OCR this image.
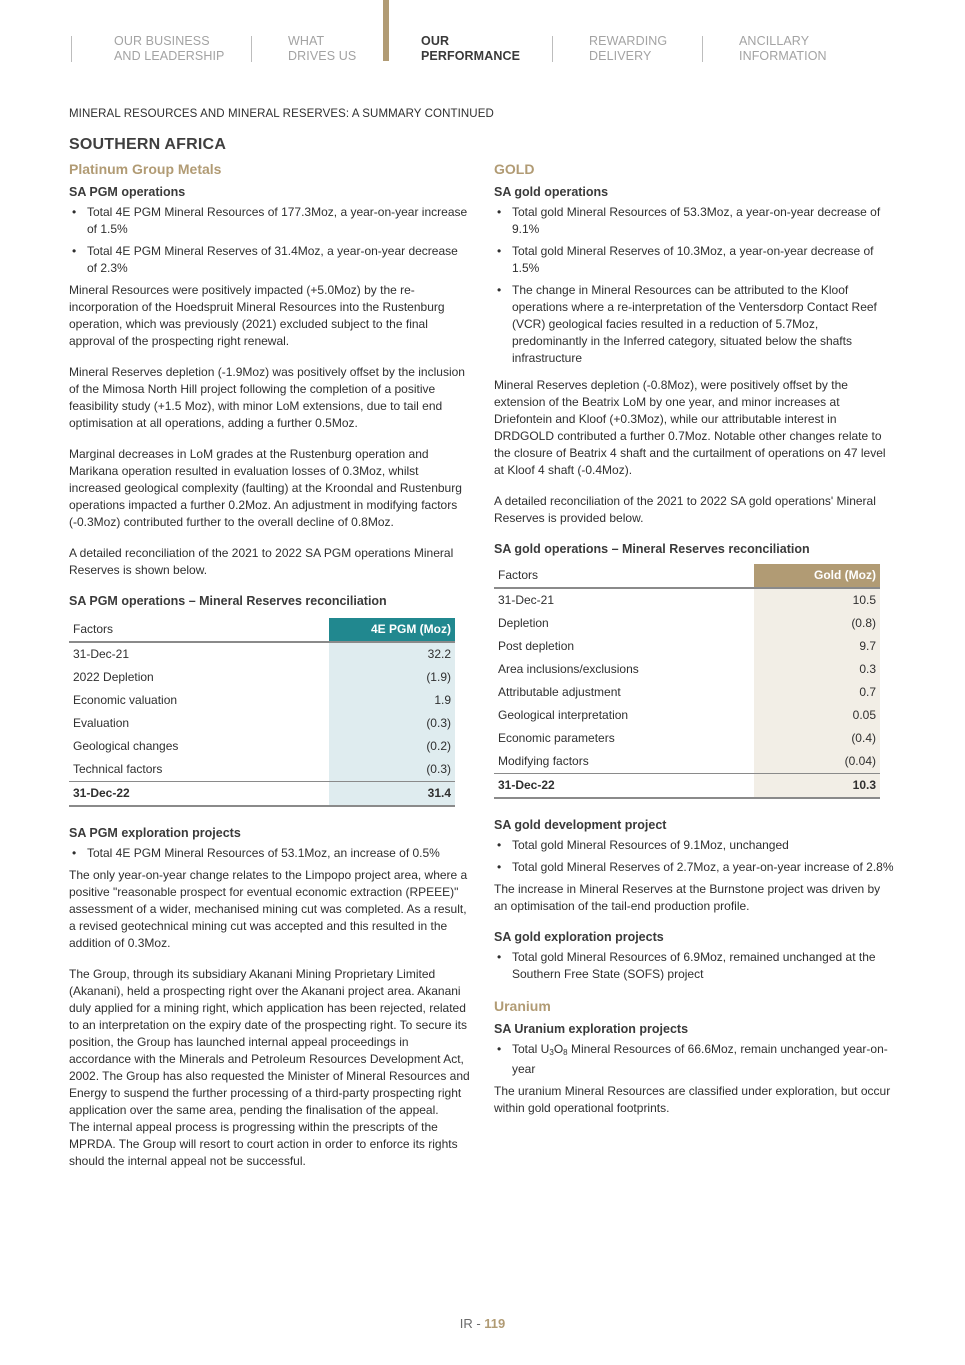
OUR BUSINESS
AND LEADERSHIP
WHAT
DRIVES US
OUR
PERFORMANCE
REWARDING
DELIVERY
ANCILLARY
INFORMATION
MINERAL RESOURCES AND MINERAL RESERVES: A SUMMARY CONTINUED
SOUTHERN AFRICA
Platinum Group Metals
SA PGM operations
• Total 4E PGM Mineral Resources of 177.3Moz, a year-on-year increase of 1.5%
• Total 4E PGM Mineral Reserves of 31.4Moz, a year-on-year decrease of 2.3%

Mineral Resources were positively impacted (+5.0Moz) by the re-incorporation of the Hoedspruit Mineral Resources into the Rustenburg operation, which was previously (2021) excluded subject to the final approval of the prospecting right renewal.

Mineral Reserves depletion (-1.9Moz) was positively offset by the inclusion of the Mimosa North Hill project following the completion of a positive feasibility study (+1.5 Moz), with minor LoM extensions, due to tail end optimisation at all operations, adding a further 0.5Moz.

Marginal decreases in LoM grades at the Rustenburg operation and Marikana operation resulted in evaluation losses of 0.3Moz, whilst increased geological complexity (faulting) at the Kroondal and Rustenburg operations impacted a further 0.2Moz. An adjustment in modifying factors (-0.3Moz) contributed further to the overall decline of 0.8Moz.

A detailed reconciliation of the 2021 to 2022 SA PGM operations Mineral Reserves is shown below.

SA PGM operations – Mineral Reserves reconciliation
Factors	4E PGM (Moz)
31-Dec-21	32.2
2022 Depletion	(1.9)
Economic valuation	1.9
Evaluation	(0.3)
Geological changes	(0.2)
Technical factors	(0.3)
31-Dec-22	31.4
SA PGM exploration projects
• Total 4E PGM Mineral Resources of 53.1Moz, an increase of 0.5%

The only year-on-year change relates to the Limpopo project area, where a positive "reasonable prospect for eventual economic extraction (RPEEE)" assessment of a wider, mechanised mining cut was completed. As a result, a revised geotechnical mining cut was accepted and this resulted in the addition of 0.3Moz.

The Group, through its subsidiary Akanani Mining Proprietary Limited (Akanani), held a prospecting right over the Akanani project area. Akanani duly applied for a mining right, which application has been rejected, related to an interpretation on the expiry date of the prospecting right. To secure its position, the Group has launched internal appeal proceedings in accordance with the Minerals and Petroleum Resources Development Act, 2002. The Group has also requested the Minister of Mineral Resources and Energy to suspend the further processing of a third-party prospecting right application over the same area, pending the finalisation of the appeal.

The internal appeal process is progressing within the prescripts of the MPRDA. The Group will resort to court action in order to enforce its rights should the internal appeal not be successful.

GOLD
SA gold operations
• Total gold Mineral Resources of 53.3Moz, a year-on-year decrease of 9.1%
• Total gold Mineral Reserves of 10.3Moz, a year-on-year decrease of 1.5%
• The change in Mineral Resources can be attributed to the Kloof operations where a re-interpretation of the Ventersdorp Contact Reef (VCR) geological facies resulted in a reduction of 5.7Moz, predominantly in the Inferred category, situated below the shafts infrastructure

Mineral Reserves depletion (-0.8Moz), were positively offset by the extension of the Beatrix LoM by one year, and minor increases at Driefontein and Kloof (+0.3Moz), while our attributable interest in DRDGOLD contributed a further 0.7Moz. Notable other changes relate to the closure of Beatrix 4 shaft and the curtailment of operations on 47 level at Kloof 4 shaft (-0.4Moz).

A detailed reconciliation of the 2021 to 2022 SA gold operations' Mineral Reserves is provided below.

SA gold operations – Mineral Reserves reconciliation
Factors	Gold (Moz)
31-Dec-21	10.5
Depletion	(0.8)
Post depletion	9.7
Area inclusions/exclusions	0.3
Attributable adjustment	0.7
Geological interpretation	0.05
Economic parameters	(0.4)
Modifying factors	(0.04)
31-Dec-22	10.3
SA gold development project
• Total gold Mineral Resources of 9.1Moz, unchanged
• Total gold Mineral Reserves of 2.7Moz, a year-on-year increase of 2.8%

The increase in Mineral Reserves at the Burnstone project was driven by an optimisation of the tail-end production profile.

SA gold exploration projects
• Total gold Mineral Resources of 6.9Moz, remained unchanged at the Southern Free State (SOFS) project
Uranium
SA Uranium exploration projects
• Total $U_3O_8$ Mineral Resources of 66.6Moz, remain unchanged year-on-year

The uranium Mineral Resources are classified under exploration, but occur within gold operational footprints.

IR - 119
